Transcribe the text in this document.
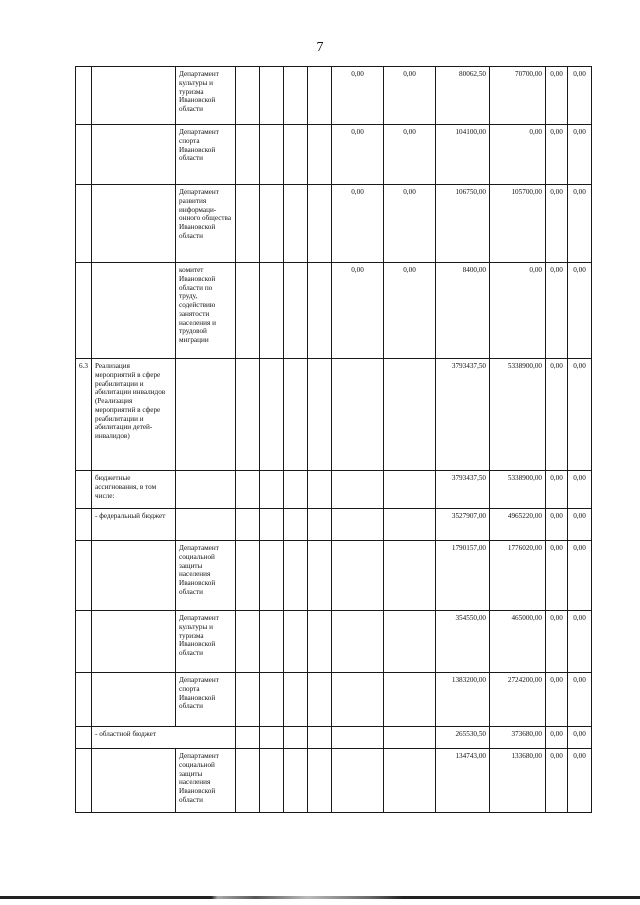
7
		Департамент культуры и туризма Ивановской области					0,00	0,00	80062,50	70700,00	0,00	0,00
		Департамент спорта Ивановской области					0,00	0,00	104100,00	0,00	0,00	0,00
		Департамент развития информаци-онного общества Ивановской области					0,00	0,00	106750,00	105700,00	0,00	0,00
		комитет Ивановской области по труду, содействию занятости населения и трудовой миграции					0,00	0,00	8400,00	0,00	0,00	0,00
6.3	Реализация мероприятий в сфере реабилитации и абилитации инвалидов (Реализация мероприятий в сфере реабилитации и абилитации детей-инвалидов)								3793437,50	5338900,00	0,00	0,00
	бюджетные ассигнования, в том числе:								3793437,50	5338900,00	0,00	0,00
	- федеральный бюджет								3527907,00	4965220,00	0,00	0,00
		Департамент социальной защиты населения Ивановской области							1790157,00	1776020,00	0,00	0,00
		Департамент культуры и туризма Ивановской области							354550,00	465000,00	0,00	0,00
		Департамент спорта Ивановской области							1383200,00	2724200,00	0,00	0,00
	- областной бюджет								265530,50	373680,00	0,00	0,00
		Департамент социальной защиты населения Ивановской области							134743,00	133680,00	0,00	0,00
